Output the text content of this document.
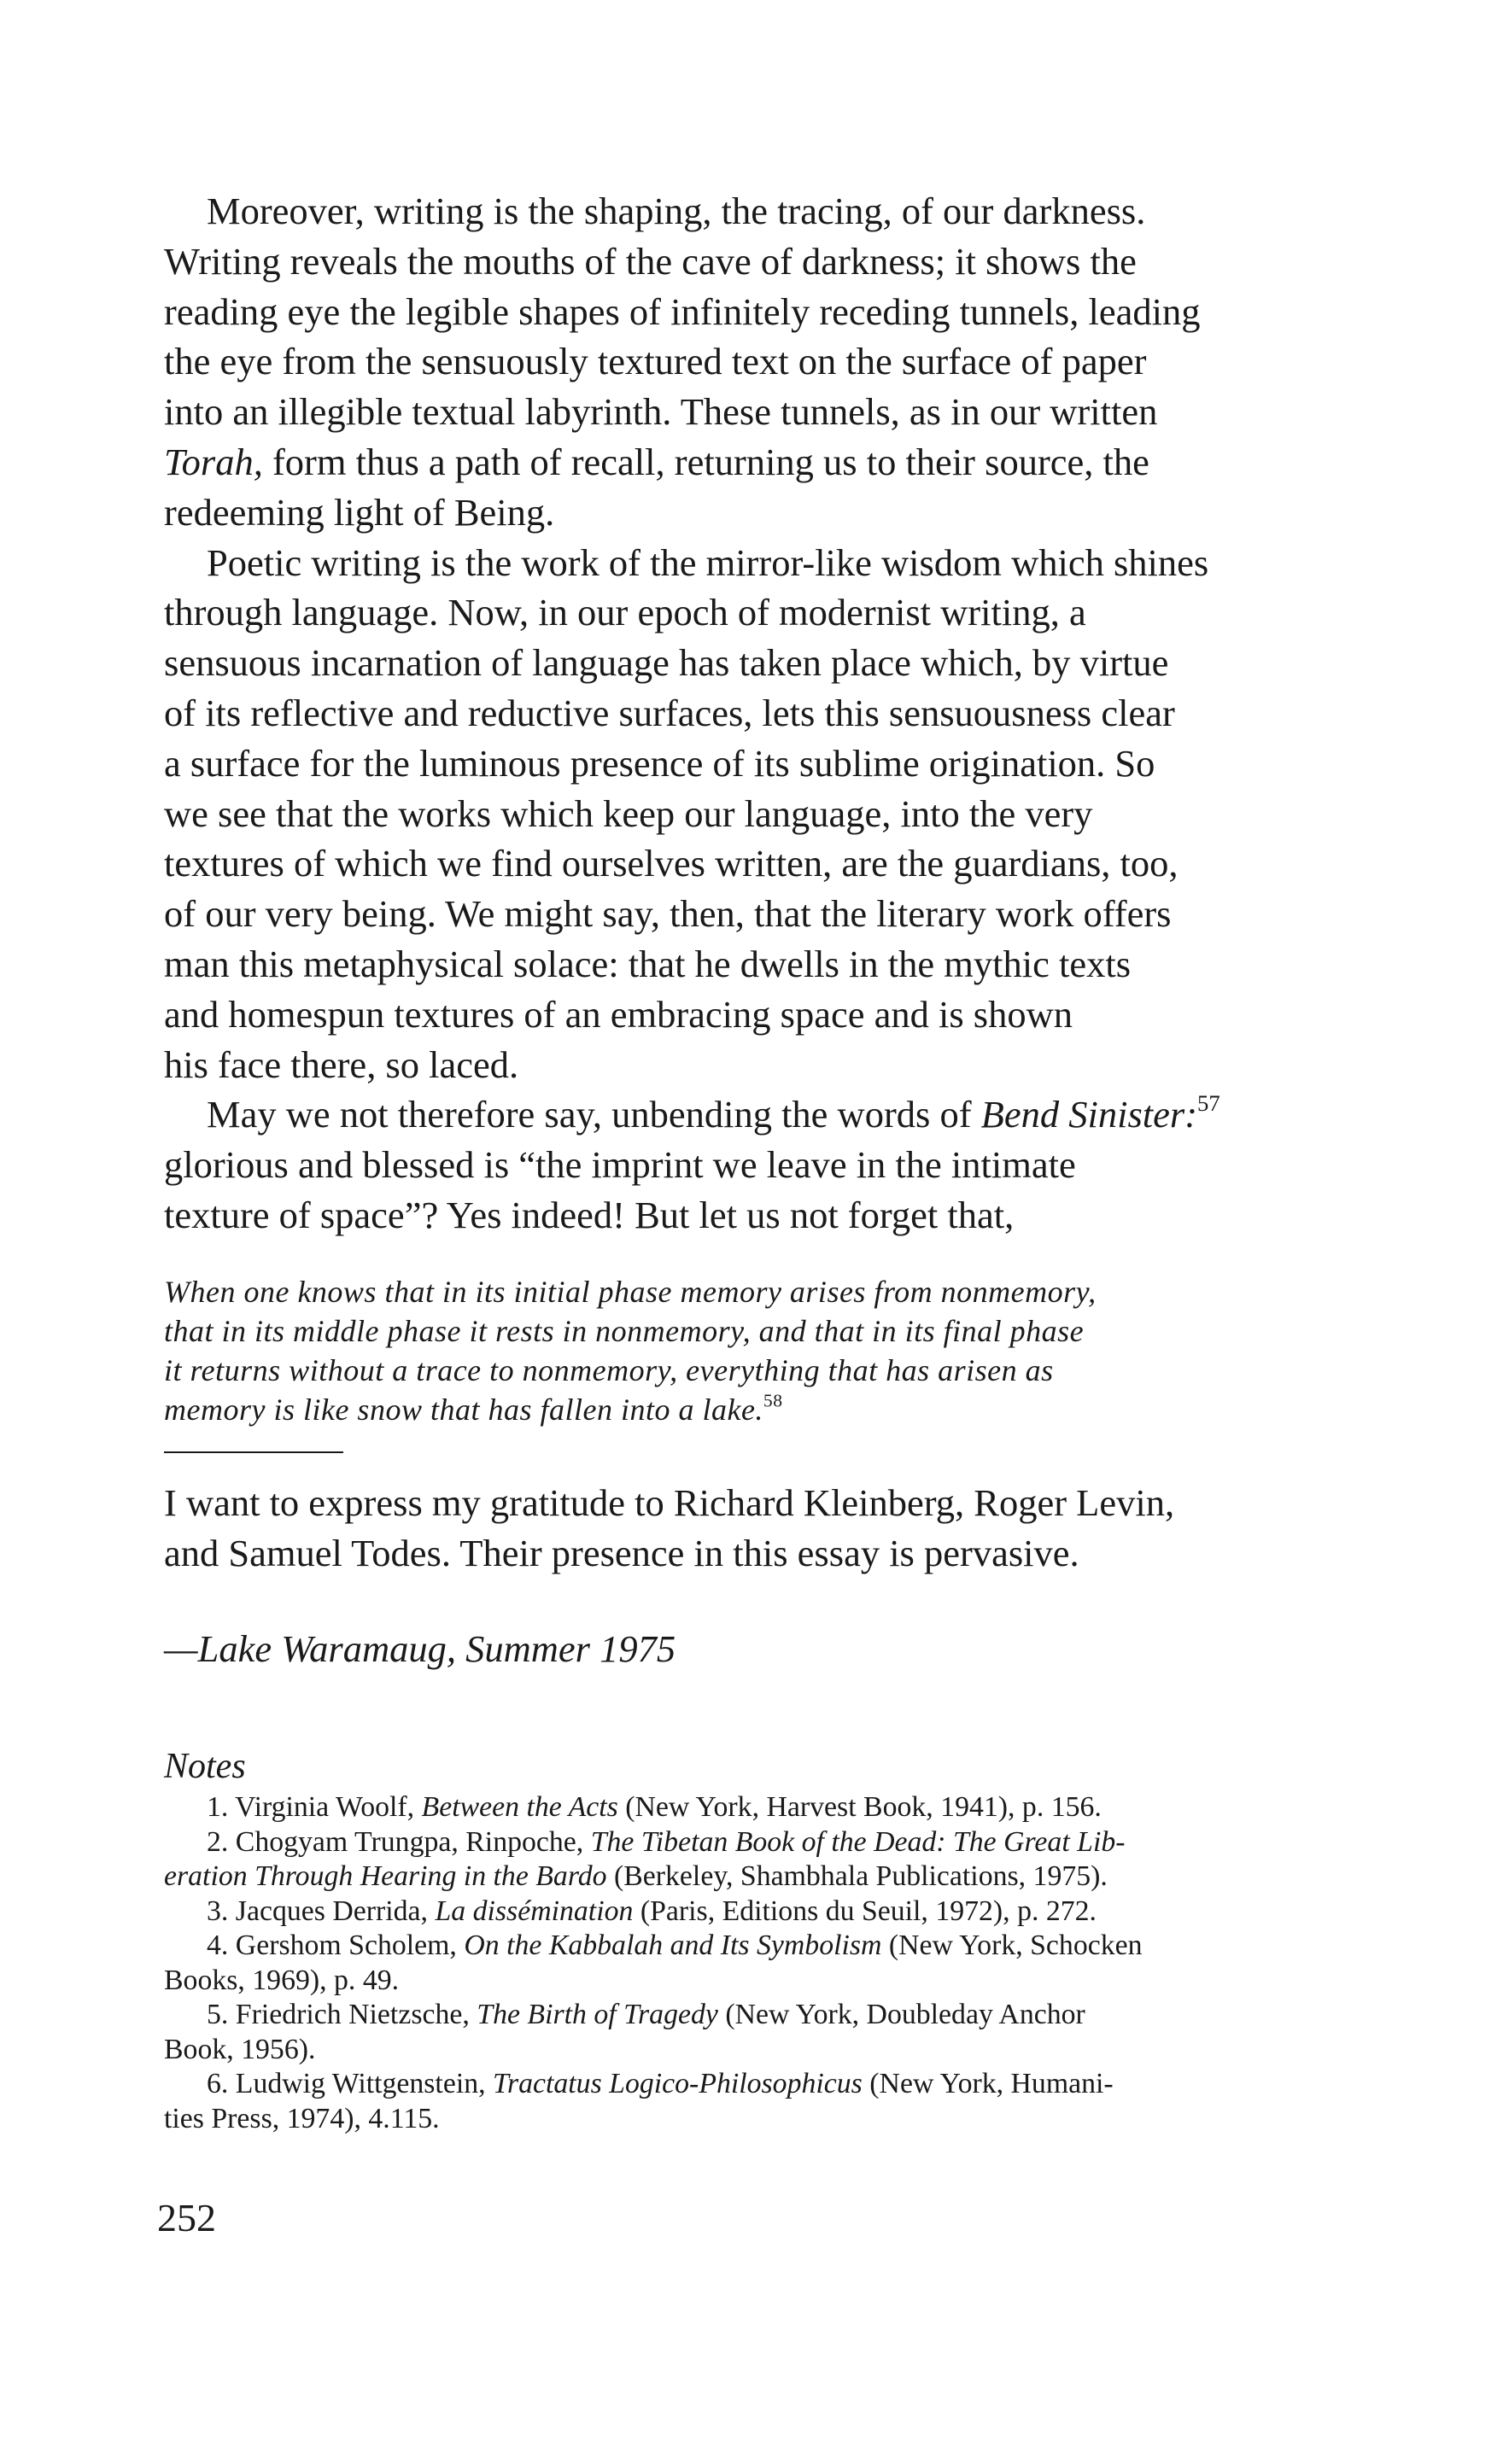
Moreover, writing is the shaping, the tracing, of our darkness.
Writing reveals the mouths of the cave of darkness; it shows the
reading eye the legible shapes of infinitely receding tunnels, leading
the eye from the sensuously textured text on the surface of paper
into an illegible textual labyrinth. These tunnels, as in our written
Torah, form thus a path of recall, returning us to their source, the
redeeming light of Being.
Poetic writing is the work of the mirror-like wisdom which shines
through language. Now, in our epoch of modernist writing, a
sensuous incarnation of language has taken place which, by virtue
of its reflective and reductive surfaces, lets this sensuousness clear
a surface for the luminous presence of its sublime origination. So
we see that the works which keep our language, into the very
textures of which we find ourselves written, are the guardians, too,
of our very being. We might say, then, that the literary work offers
man this metaphysical solace: that he dwells in the mythic texts
and homespun textures of an embracing space and is shown
his face there, so laced.
May we not therefore say, unbending the words of Bend Sinister:$^{57}$
glorious and blessed is “the imprint we leave in the intimate
texture of space”? Yes indeed! But let us not forget that,
When one knows that in its initial phase memory arises from nonmemory,
that in its middle phase it rests in nonmemory, and that in its final phase
it returns without a trace to nonmemory, everything that has arisen as
memory is like snow that has fallen into a lake.$^{58}$
I want to express my gratitude to Richard Kleinberg, Roger Levin,
and Samuel Todes. Their presence in this essay is pervasive.
—Lake Waramaug, Summer 1975
Notes
1. Virginia Woolf, Between the Acts (New York, Harvest Book, 1941), p. 156.
2. Chogyam Trungpa, Rinpoche, The Tibetan Book of the Dead: The Great Lib-
eration Through Hearing in the Bardo (Berkeley, Shambhala Publications, 1975).
3. Jacques Derrida, La dissémination (Paris, Editions du Seuil, 1972), p. 272.
4. Gershom Scholem, On the Kabbalah and Its Symbolism (New York, Schocken
Books, 1969), p. 49.
5. Friedrich Nietzsche, The Birth of Tragedy (New York, Doubleday Anchor
Book, 1956).
6. Ludwig Wittgenstein, Tractatus Logico-Philosophicus (New York, Humani-
ties Press, 1974), 4.115.
252
